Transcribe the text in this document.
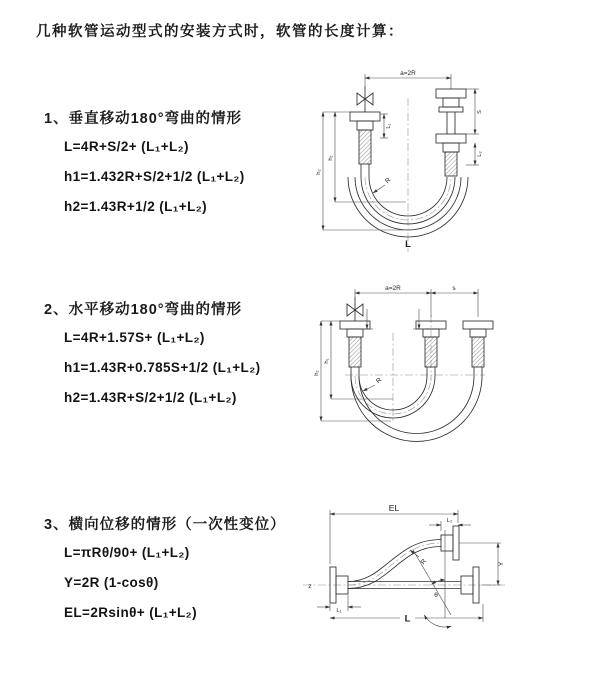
几种软管运动型式的安装方式时，软管的长度计算：
1、垂直移动180°弯曲的情形
L=4R+S/2+ (L₁+L₂)
h1=1.432R+S/2+1/2 (L₁+L₂)
h2=1.43R+1/2 (L₁+L₂)
a=2R
L₁
S
L₂
h₁
h₂
R
L
2、水平移动180°弯曲的情形
L=4R+1.57S+ (L₁+L₂)
h1=1.43R+0.785S+1/2 (L₁+L₂)
h2=1.43R+S/2+1/2 (L₁+L₂)
a=2R	s
h₁
h₂
R
3、横向位移的情形（一次性变位）
L=πRθ/90+ (L₁+L₂)
Y=2R (1-cosθ)
EL=2Rsinθ+ (L₁+L₂)
EL
L₂
Y
θ
R
L
L₁
z
